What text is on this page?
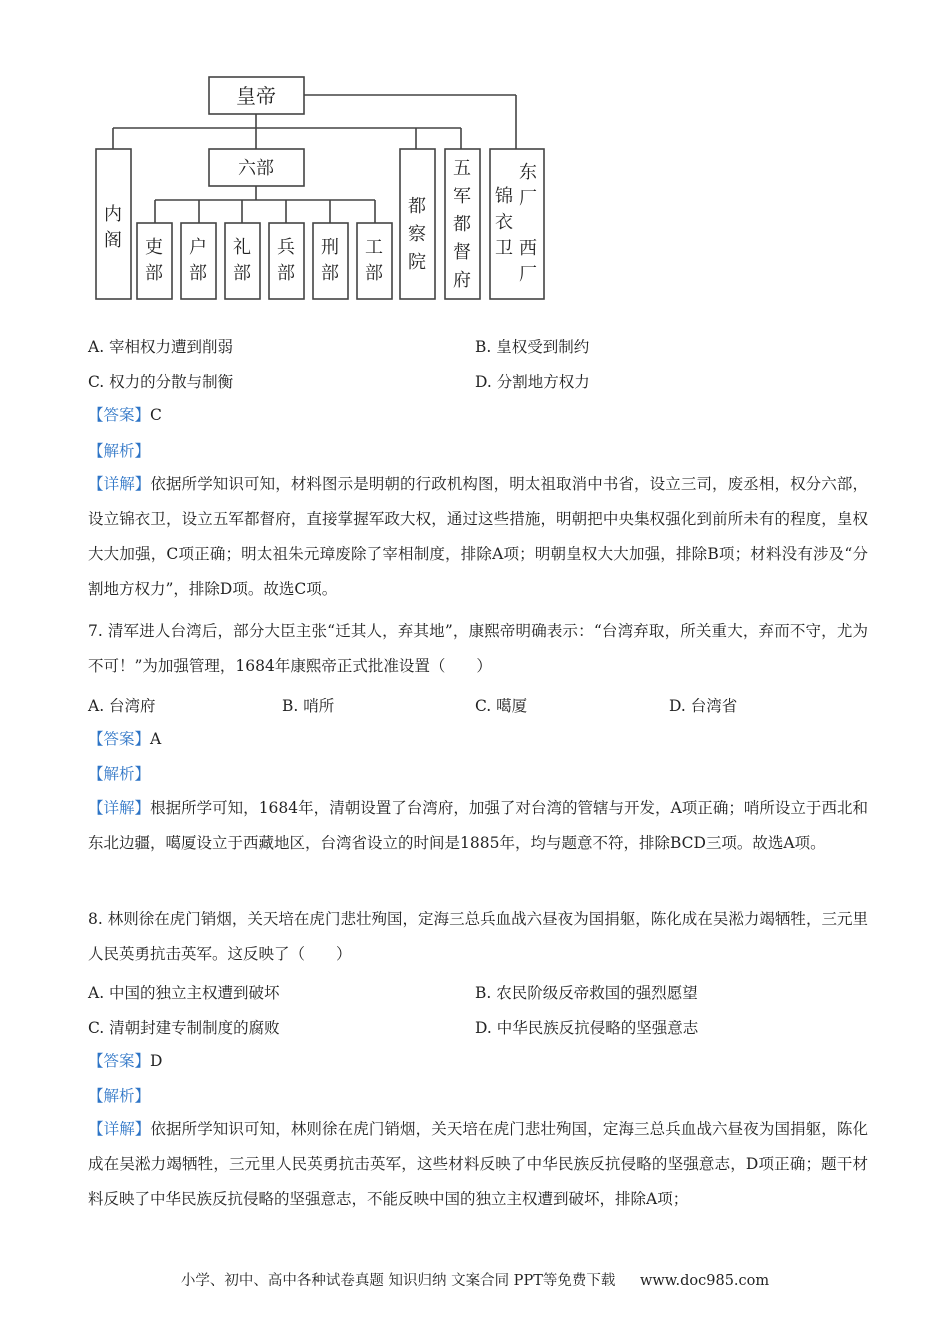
皇帝
六部
内阁 吏部
户部
礼部
兵部
刑部
工部
都察院
五军都督府
东厂
锦衣卫 西厂
A. 宰相权力遭到削弱	B. 皇权受到制约
C. 权力的分散与制衡	D. 分割地方权力
【答案】C
【解析】
【详解】依据所学知识可知，材料图示是明朝的行政机构图，明太祖取消中书省，设立三司，废丞相，权分六部，设立锦衣卫，设立五军都督府，直接掌握军政大权，通过这些措施，明朝把中央集权强化到前所未有的程度，皇权大大加强，C项正确；明太祖朱元璋废除了宰相制度，排除A项；明朝皇权大大加强，排除B项；材料没有涉及“分割地方权力”，排除D项。故选C项。
7. 清军进人台湾后，部分大臣主张“迁其人，弃其地”，康熙帝明确表示：“台湾弃取，所关重大，弃而不守，尤为不可！”为加强管理，1684年康熙帝正式批准设置（　　）
A. 台湾府	B. 哨所	C. 噶厦	D. 台湾省
【答案】A
【解析】
【详解】根据所学可知，1684年，清朝设置了台湾府，加强了对台湾的管辖与开发，A项正确；哨所设立于西北和东北边疆，噶厦设立于西藏地区，台湾省设立的时间是1885年，均与题意不符，排除BCD三项。故选A项。
8. 林则徐在虎门销烟，关天培在虎门悲壮殉国，定海三总兵血战六昼夜为国捐躯，陈化成在吴淞力竭牺牲，三元里人民英勇抗击英军。这反映了（　　）
A. 中国的独立主权遭到破坏	B. 农民阶级反帝救国的强烈愿望
C. 清朝封建专制制度的腐败	D. 中华民族反抗侵略的坚强意志
【答案】D
【解析】
【详解】依据所学知识可知，林则徐在虎门销烟，关天培在虎门悲壮殉国，定海三总兵血战六昼夜为国捐躯，陈化成在吴淞力竭牺牲，三元里人民英勇抗击英军，这些材料反映了中华民族反抗侵略的坚强意志，D项正确；题干材料反映了中华民族反抗侵略的坚强意志，不能反映中国的独立主权遭到破坏，排除A项；
小学、初中、高中各种试卷真题 知识归纳 文案合同 PPT等免费下载 www.doc985.com
